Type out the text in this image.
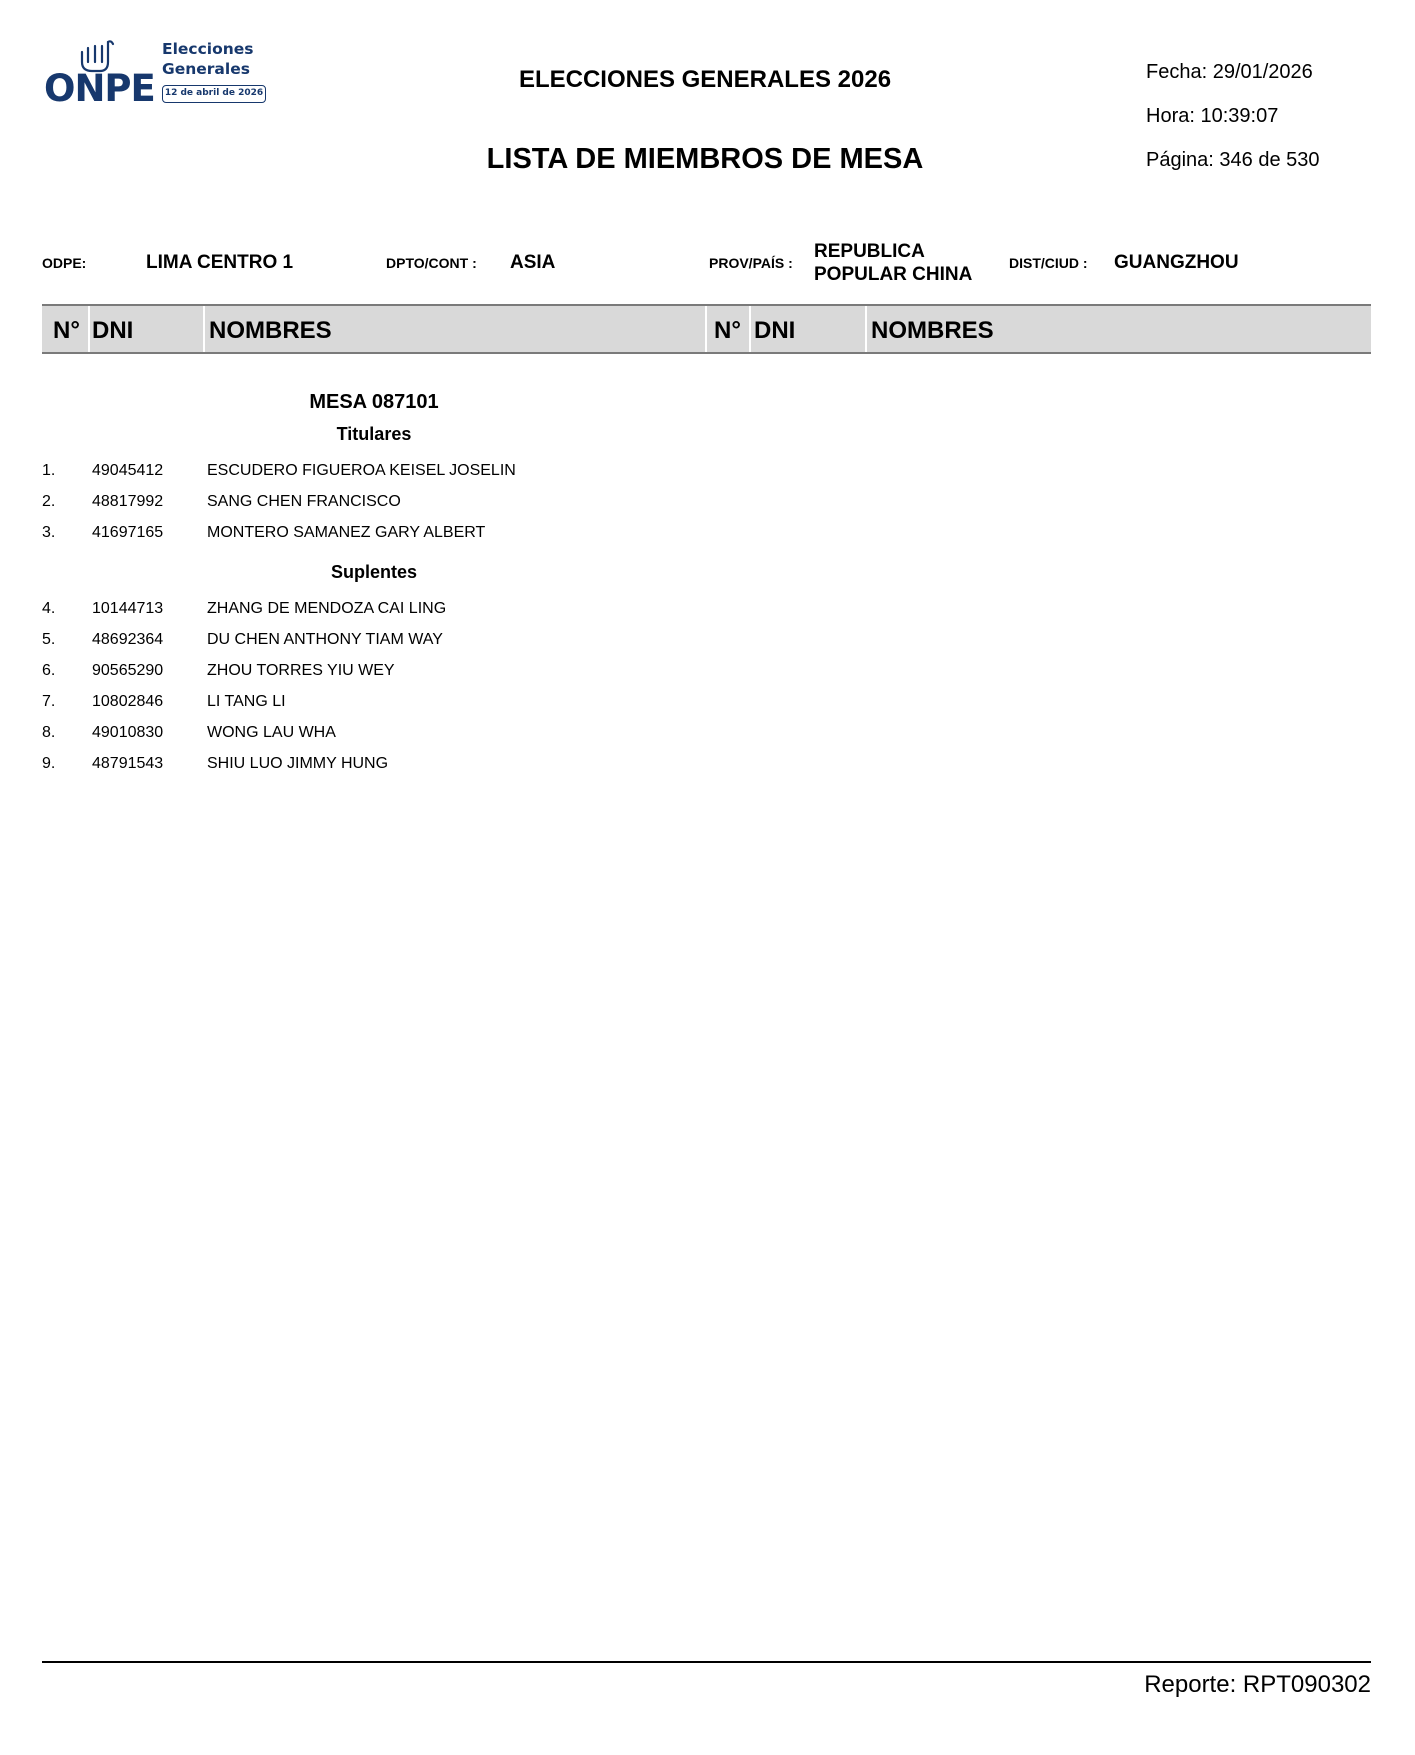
ONPE
Elecciones
Generales
12 de abril de 2026	ELECCIONES GENERALES 2026
LISTA DE MIEMBROS DE MESA
Fecha: 29/01/2026
Hora: 10:39:07
Página: 346 de 530
ODPE:	LIMA CENTRO 1	DPTO/CONT : ASIA	PROV/PAÍS :
REPUBLICA
POPULAR CHINA
DIST/CIUD : GUANGZHOU
N° DNI	NOMBRES	N° DNI	NOMBRES
MESA 087101
Titulares
Suplentes
1. 49045412	ESCUDERO FIGUEROA KEISEL JOSELIN
2. 48817992	SANG CHEN FRANCISCO
3. 41697165	MONTERO SAMANEZ GARY ALBERT
4. 10144713	ZHANG DE MENDOZA CAI LING
5. 48692364	DU CHEN ANTHONY TIAM WAY
6. 90565290	ZHOU TORRES YIU WEY
7. 10802846	LI TANG LI
8. 49010830	WONG LAU WHA
9. 48791543	SHIU LUO JIMMY HUNG
Reporte: RPT090302
